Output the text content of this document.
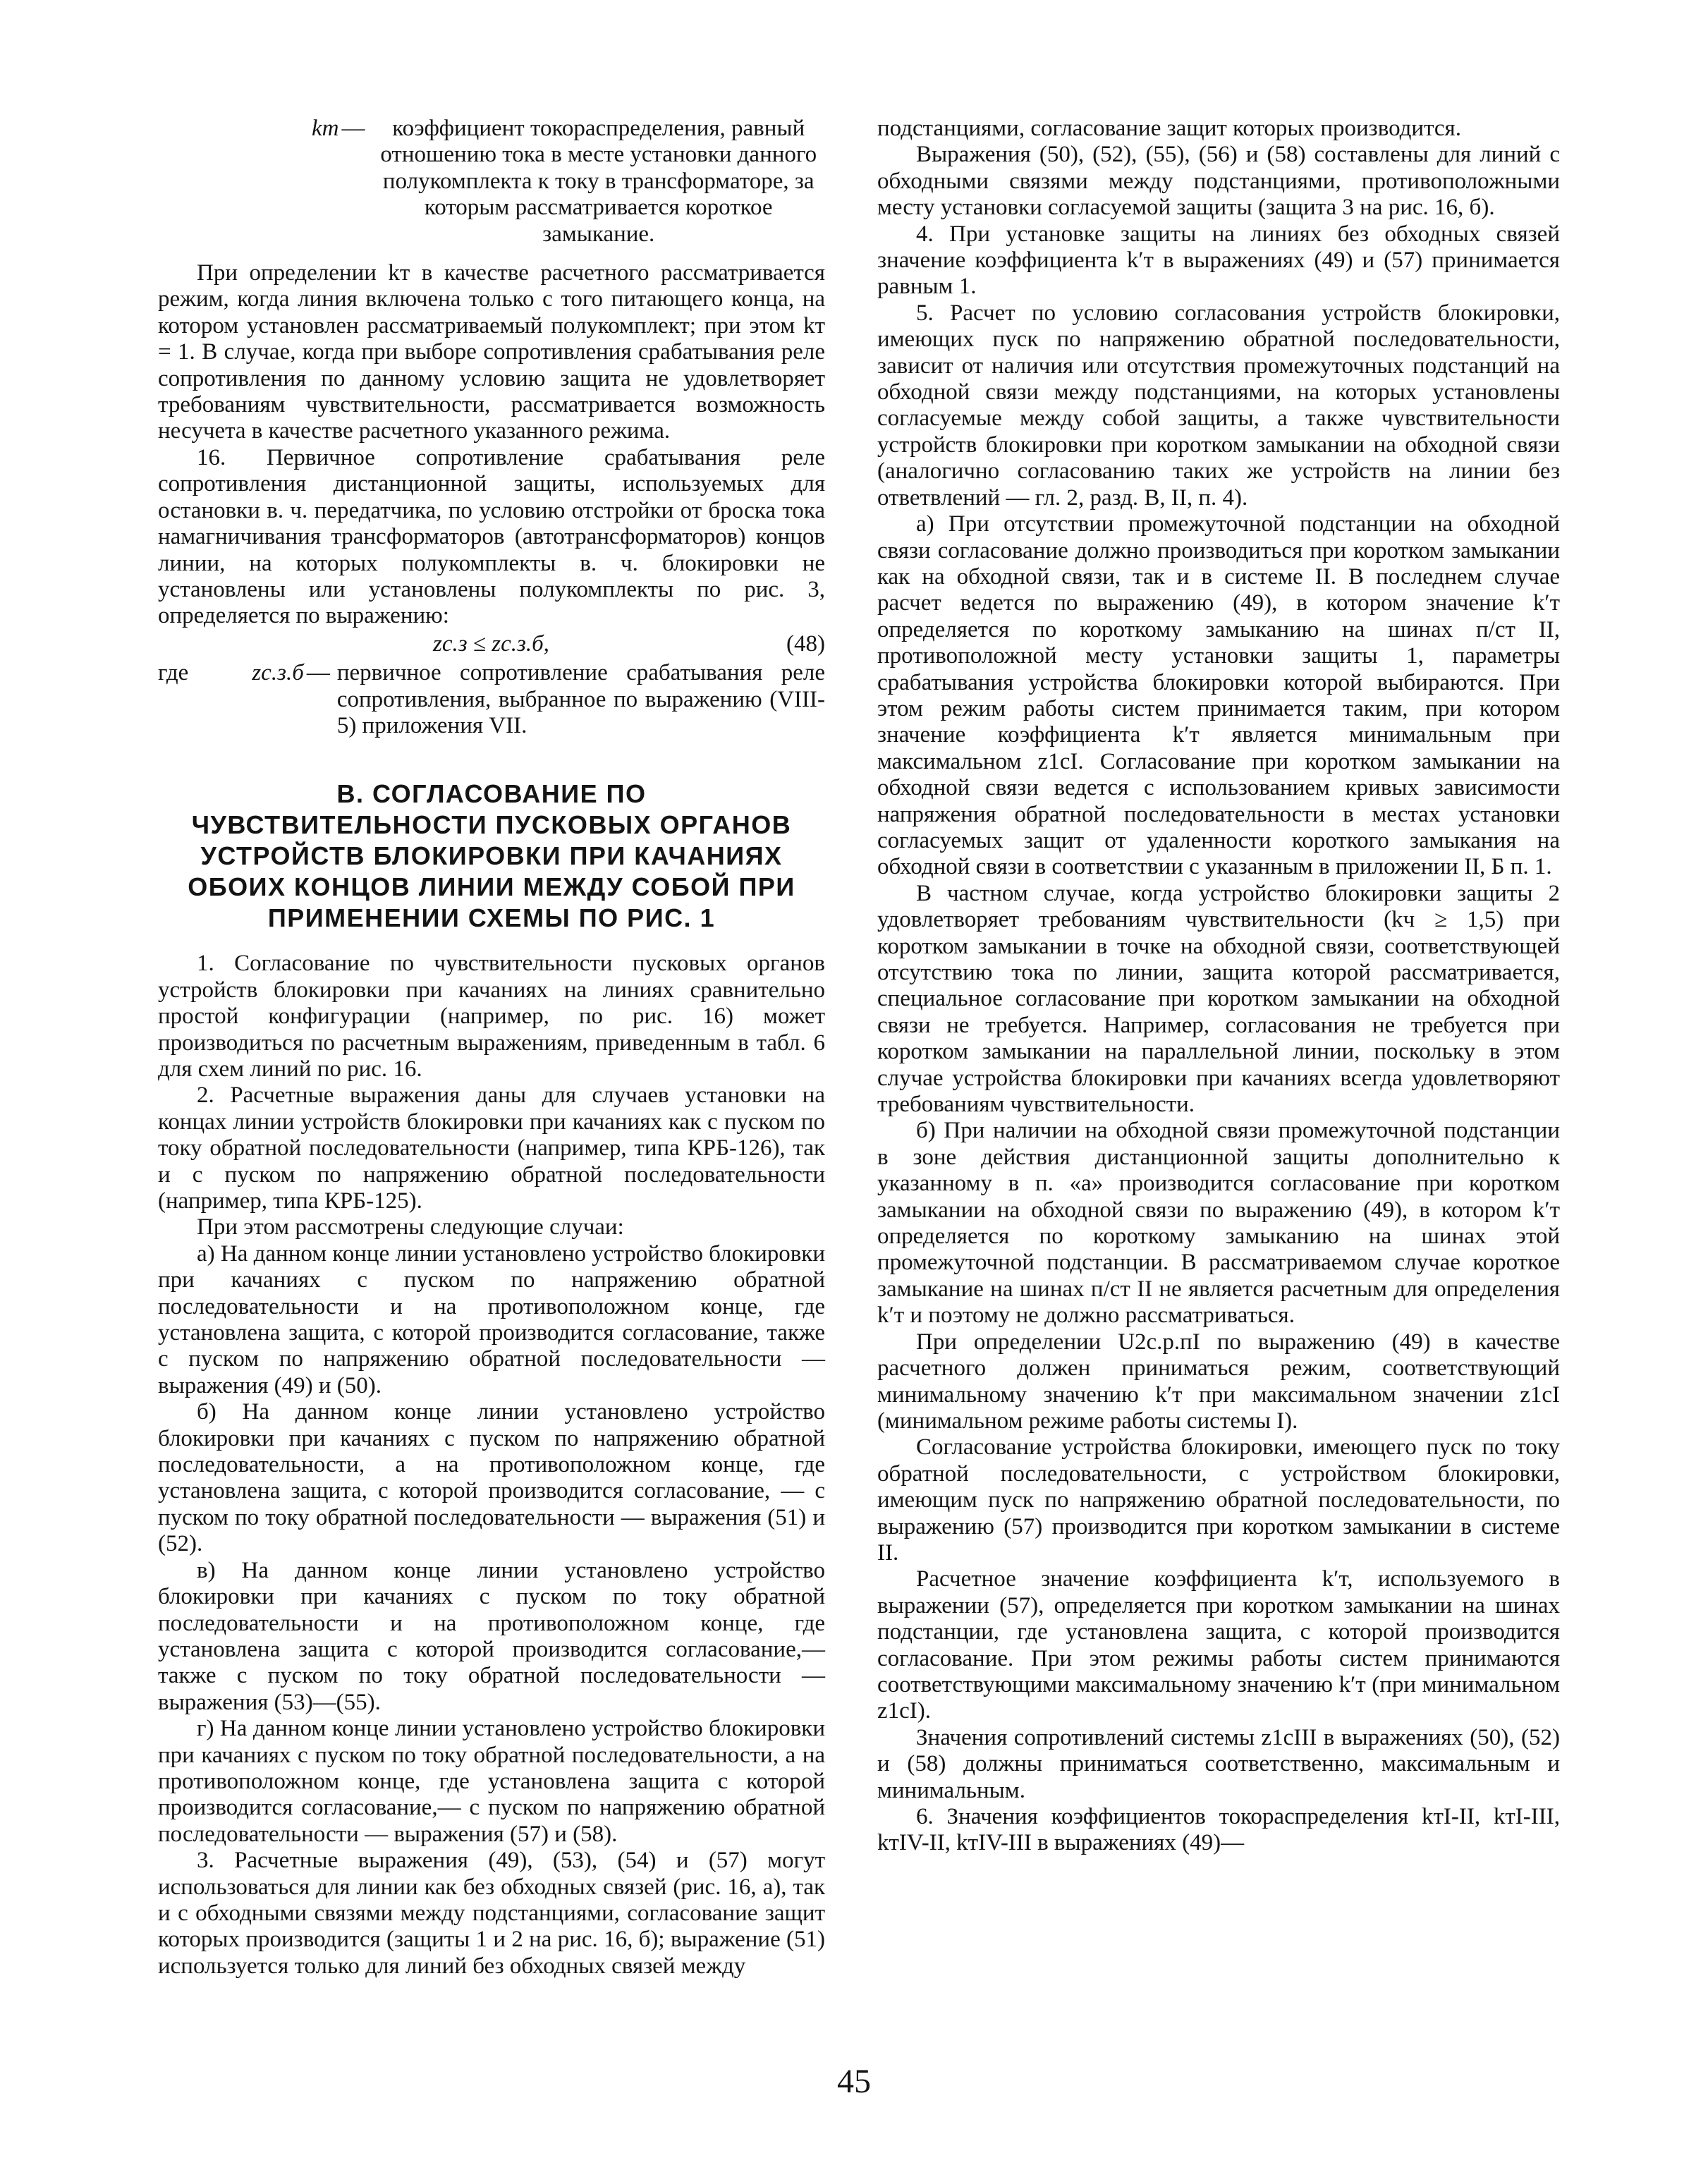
kт —	коэффициент токораспределения, равный отношению тока в месте установки данного полукомплекта к току в трансформаторе, за которым рассматривается короткое замыкание.

При определении kт в качестве расчетного рассматривается режим, когда линия включена только с того питающего конца, на котором установлен рассматриваемый полукомплект; при этом kт = 1. В случае, когда при выборе сопротивления срабатывания реле сопротивления по данному условию защита не удовлетворяет требованиям чувствительности, рассматривается возможность несучета в качестве расчетного указанного режима.

16. Первичное сопротивление срабатывания реле сопротивления дистанционной защиты, используемых для остановки в. ч. передатчика, по условию отстройки от броска тока намагничивания трансформаторов (автотрансформаторов) концов линии, на которых полукомплекты в. ч. блокировки не установлены или установлены полукомплекты по рис. 3, определяется по выражению:

zс.з ≤ zс.з.б,	(48)
где	zс.з.б — первичное сопротивление срабатывания реле сопротивления, выбранное по выражению (VIII-5) приложения VII.
В. СОГЛАСОВАНИЕ ПО ЧУВСТВИТЕЛЬНОСТИ ПУСКОВЫХ ОРГАНОВ УСТРОЙСТВ БЛОКИРОВКИ ПРИ КАЧАНИЯХ ОБОИХ КОНЦОВ ЛИНИИ МЕЖДУ СОБОЙ ПРИ ПРИМЕНЕНИИ СХЕМЫ ПО РИС. 1

1. Согласование по чувствительности пусковых органов устройств блокировки при качаниях на линиях сравнительно простой конфигурации (например, по рис. 16) может производиться по расчетным выражениям, приведенным в табл. 6 для схем линий по рис. 16.

2. Расчетные выражения даны для случаев установки на концах линии устройств блокировки при качаниях как с пуском по току обратной последовательности (например, типа КРБ-126), так и с пуском по напряжению обратной последовательности (например, типа КРБ-125).

При этом рассмотрены следующие случаи:

а) На данном конце линии установлено устройство блокировки при качаниях с пуском по напряжению обратной последовательности и на противоположном конце, где установлена защита, с которой производится согласование, также с пуском по напряжению обратной последовательности — выражения (49) и (50).

б) На данном конце линии установлено устройство блокировки при качаниях с пуском по напряжению обратной последовательности, а на противоположном конце, где установлена защита, с которой производится согласование, — с пуском по току обратной последовательности — выражения (51) и (52).

в) На данном конце линии установлено устройство блокировки при качаниях с пуском по току обратной последовательности и на противоположном конце, где установлена защита с которой производится согласование,— также с пуском по току обратной последовательности — выражения (53)—(55).

г) На данном конце линии установлено устройство блокировки при качаниях с пуском по току обратной последовательности, а на противоположном конце, где установлена защита с которой производится согласование,— с пуском по напряжению обратной последовательности — выражения (57) и (58).

3. Расчетные выражения (49), (53), (54) и (57) могут использоваться для линии как без обходных связей (рис. 16, а), так и с обходными связями между подстанциями, согласование защит которых производится (защиты 1 и 2 на рис. 16, б); выражение (51) используется только для линий без обходных связей между

подстанциями, согласование защит которых производится.

Выражения (50), (52), (55), (56) и (58) составлены для линий с обходными связями между подстанциями, противоположными месту установки согласуемой защиты (защита 3 на рис. 16, б).

4. При установке защиты на линиях без обходных связей значение коэффициента k′т в выражениях (49) и (57) принимается равным 1.

5. Расчет по условию согласования устройств блокировки, имеющих пуск по напряжению обратной последовательности, зависит от наличия или отсутствия промежуточных подстанций на обходной связи между подстанциями, на которых установлены согласуемые между собой защиты, а также чувствительности устройств блокировки при коротком замыкании на обходной связи (аналогично согласованию таких же устройств на линии без ответвлений — гл. 2, разд. В, II, п. 4).

а) При отсутствии промежуточной подстанции на обходной связи согласование должно производиться при коротком замыкании как на обходной связи, так и в системе II. В последнем случае расчет ведется по выражению (49), в котором значение k′т определяется по короткому замыканию на шинах п/ст II, противоположной месту установки защиты 1, параметры срабатывания устройства блокировки которой выбираются. При этом режим работы систем принимается таким, при котором значение коэффициента k′т является минимальным при максимальном z1cI. Согласование при коротком замыкании на обходной связи ведется с использованием кривых зависимости напряжения обратной последовательности в местах установки согласуемых защит от удаленности короткого замыкания на обходной связи в соответствии с указанным в приложении II, Б п. 1.

В частном случае, когда устройство блокировки защиты 2 удовлетворяет требованиям чувствительности (kч ≥ 1,5) при коротком замыкании в точке на обходной связи, соответствующей отсутствию тока по линии, защита которой рассматривается, специальное согласование при коротком замыкании на обходной связи не требуется. Например, согласования не требуется при коротком замыкании на параллельной линии, поскольку в этом случае устройства блокировки при качаниях всегда удовлетворяют требованиям чувствительности.

б) При наличии на обходной связи промежуточной подстанции в зоне действия дистанционной защиты дополнительно к указанному в п. «а» производится согласование при коротком замыкании на обходной связи по выражению (49), в котором k′т определяется по короткому замыканию на шинах этой промежуточной подстанции. В рассматриваемом случае короткое замыкание на шинах п/ст II не является расчетным для определения k′т и поэтому не должно рассматриваться.

При определении U2с.р.пI по выражению (49) в качестве расчетного должен приниматься режим, соответствующий минимальному значению k′т при максимальном значении z1cI (минимальном режиме работы системы I).

Согласование устройства блокировки, имеющего пуск по току обратной последовательности, с устройством блокировки, имеющим пуск по напряжению обратной последовательности, по выражению (57) производится при коротком замыкании в системе II.

Расчетное значение коэффициента k′т, используемого в выражении (57), определяется при коротком замыкании на шинах подстанции, где установлена защита, с которой производится согласование. При этом режимы работы систем принимаются соответствующими максимальному значению k′т (при минимальном z1cI).

Значения сопротивлений системы z1cIII в выражениях (50), (52) и (58) должны приниматься соответственно, максимальным и минимальным.

6. Значения коэффициентов токораспределения kтI-II, kтI-III, kтIV-II, kтIV-III в выражениях (49)—

45
